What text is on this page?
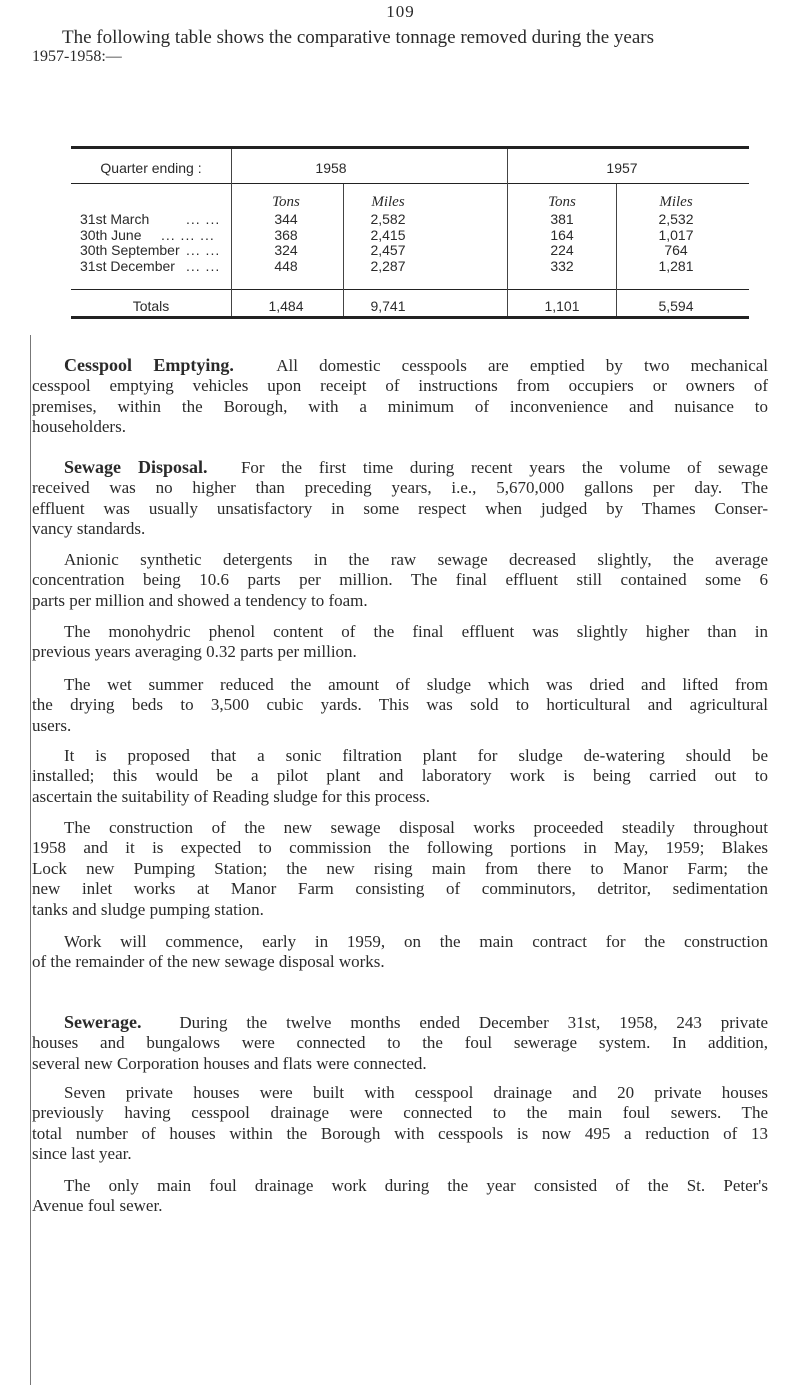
109
The following table shows the comparative tonnage removed during the years
1957-1958:—
Quarter ending :	1958	1957
Tons	Miles	Tons	Miles
31st March	... ...	344	2,582	381	2,532
30th June ... ... ...	368	2,415	164	1,017
30th September ... ...	324	2,457	224	764
31st December ... ...	448	2,287	332	1,281
Totals	1,484	9,741	1,101	5,594
Cesspool Emptying. All domestic cesspools are emptied by two mechanical
cesspool emptying vehicles upon receipt of instructions from occupiers or owners of
premises, within the Borough, with a minimum of inconvenience and nuisance to
householders.
Sewage Disposal. For the first time during recent years the volume of sewage
received was no higher than preceding years, i.e., 5,670,000 gallons per day. The
effluent was usually unsatisfactory in some respect when judged by Thames Conser-
vancy standards.
Anionic synthetic detergents in the raw sewage decreased slightly, the average
concentration being 10.6 parts per million. The final effluent still contained some 6
parts per million and showed a tendency to foam.
The monohydric phenol content of the final effluent was slightly higher than in
previous years averaging 0.32 parts per million.
The wet summer reduced the amount of sludge which was dried and lifted from
the drying beds to 3,500 cubic yards. This was sold to horticultural and agricultural
users.
It is proposed that a sonic filtration plant for sludge de-watering should be
installed; this would be a pilot plant and laboratory work is being carried out to
ascertain the suitability of Reading sludge for this process.
The construction of the new sewage disposal works proceeded steadily throughout
1958 and it is expected to commission the following portions in May, 1959; Blakes
Lock new Pumping Station; the new rising main from there to Manor Farm; the
new inlet works at Manor Farm consisting of comminutors, detritor, sedimentation
tanks and sludge pumping station.
Work will commence, early in 1959, on the main contract for the construction
of the remainder of the new sewage disposal works.
Sewerage. During the twelve months ended December 31st, 1958, 243 private
houses and bungalows were connected to the foul sewerage system. In addition,
several new Corporation houses and flats were connected.
Seven private houses were built with cesspool drainage and 20 private houses
previously having cesspool drainage were connected to the main foul sewers. The
total number of houses within the Borough with cesspools is now 495 a reduction of 13
since last year.
The only main foul drainage work during the year consisted of the St. Peter's
Avenue foul sewer.
